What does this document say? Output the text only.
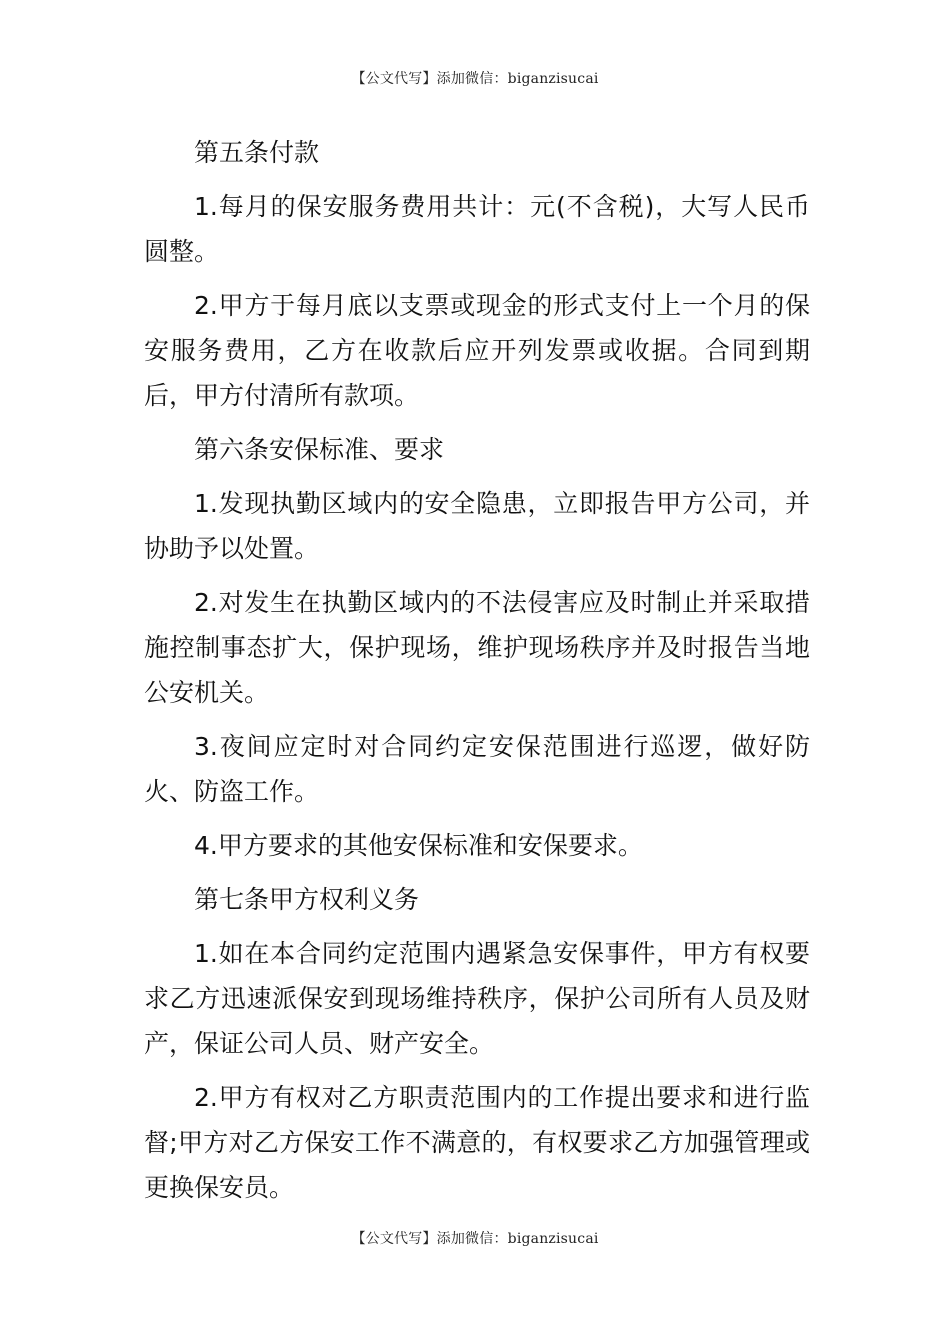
【公文代写】添加微信：biganzisucai

第五条付款

1.每月的保安服务费用共计：元(不含税)，大写人民币圆整。

2.甲方于每月底以支票或现金的形式支付上一个月的保安服务费用，乙方在收款后应开列发票或收据。合同到期后，甲方付清所有款项。

第六条安保标准、要求

1.发现执勤区域内的安全隐患，立即报告甲方公司，并协助予以处置。

2.对发生在执勤区域内的不法侵害应及时制止并采取措施控制事态扩大，保护现场，维护现场秩序并及时报告当地公安机关。

3.夜间应定时对合同约定安保范围进行巡逻，做好防火、防盗工作。

4.甲方要求的其他安保标准和安保要求。

第七条甲方权利义务

1.如在本合同约定范围内遇紧急安保事件，甲方有权要求乙方迅速派保安到现场维持秩序，保护公司所有人员及财产，保证公司人员、财产安全。

2.甲方有权对乙方职责范围内的工作提出要求和进行监督;甲方对乙方保安工作不满意的，有权要求乙方加强管理或更换保安员。

【公文代写】添加微信：biganzisucai
